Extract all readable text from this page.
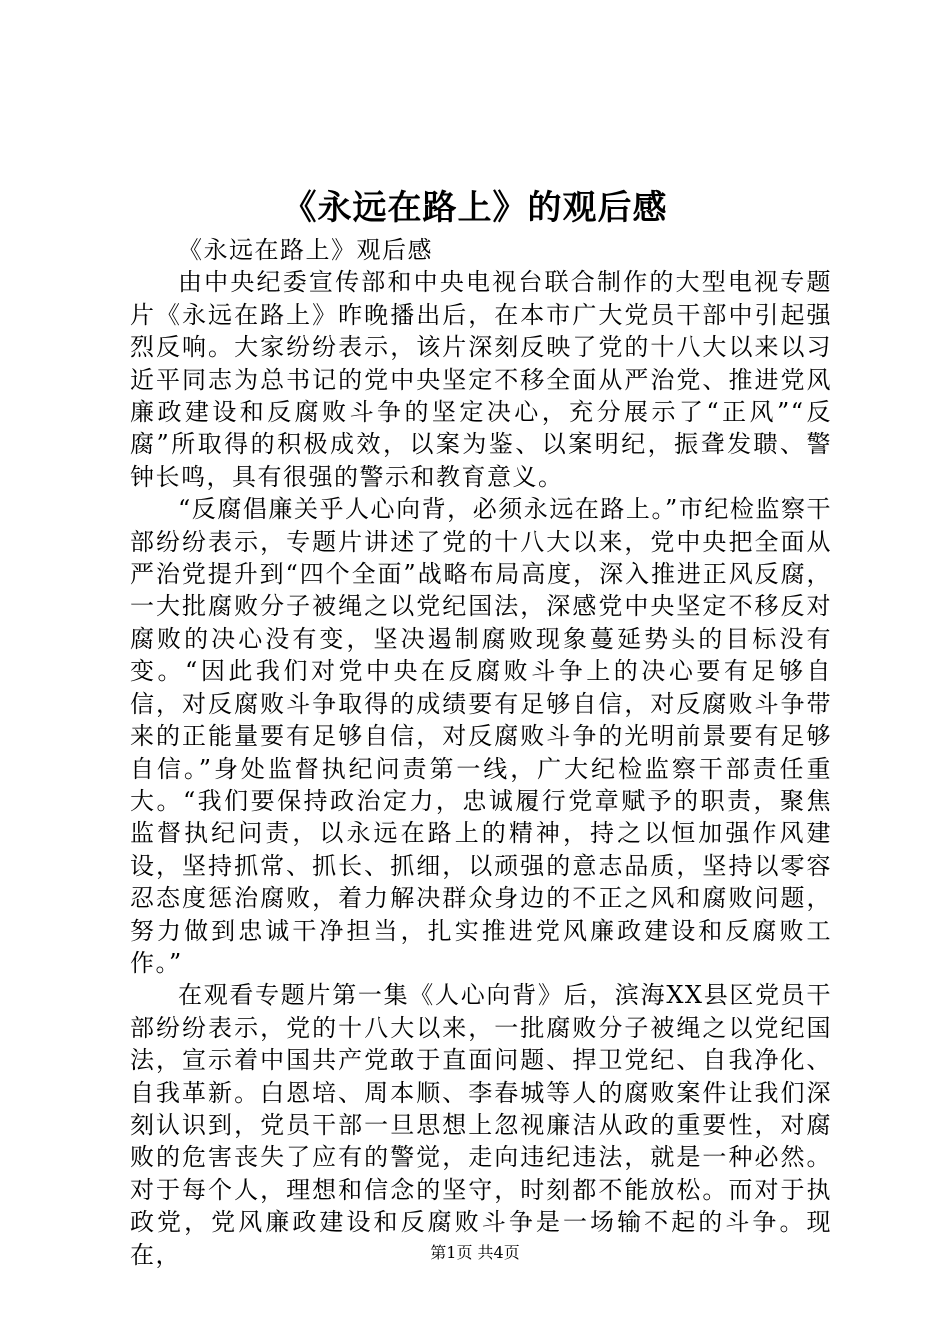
《永远在路上》的观后感

《永远在路上》观后感

由中央纪委宣传部和中央电视台联合制作的大型电视专题片《永远在路上》昨晚播出后，在本市广大党员干部中引起强烈反响。大家纷纷表示，该片深刻反映了党的十八大以来以习近平同志为总书记的党中央坚定不移全面从严治党、推进党风廉政建设和反腐败斗争的坚定决心，充分展示了“正风”“反腐”所取得的积极成效，以案为鉴、以案明纪，振聋发聩、警钟长鸣，具有很强的警示和教育意义。

“反腐倡廉关乎人心向背，必须永远在路上。”市纪检监察干部纷纷表示，专题片讲述了党的十八大以来，党中央把全面从严治党提升到“四个全面”战略布局高度，深入推进正风反腐，一大批腐败分子被绳之以党纪国法，深感党中央坚定不移反对腐败的决心没有变，坚决遏制腐败现象蔓延势头的目标没有变。“因此我们对党中央在反腐败斗争上的决心要有足够自信，对反腐败斗争取得的成绩要有足够自信，对反腐败斗争带来的正能量要有足够自信，对反腐败斗争的光明前景要有足够自信。”身处监督执纪问责第一线，广大纪检监察干部责任重大。“我们要保持政治定力，忠诚履行党章赋予的职责，聚焦监督执纪问责，以永远在路上的精神，持之以恒加强作风建设，坚持抓常、抓长、抓细，以顽强的意志品质，坚持以零容忍态度惩治腐败，着力解决群众身边的不正之风和腐败问题，努力做到忠诚干净担当，扎实推进党风廉政建设和反腐败工作。”

在观看专题片第一集《人心向背》后，滨海XX县区党员干部纷纷表示，党的十八大以来，一批腐败分子被绳之以党纪国法，宣示着中国共产党敢于直面问题、捍卫党纪、自我净化、自我革新。白恩培、周本顺、李春城等人的腐败案件让我们深刻认识到，党员干部一旦思想上忽视廉洁从政的重要性，对腐败的危害丧失了应有的警觉，走向违纪违法，就是一种必然。对于每个人，理想和信念的坚守，时刻都不能放松。而对于执政党，党风廉政建设和反腐败斗争是一场输不起的斗争。现在，	第1页 共4页
